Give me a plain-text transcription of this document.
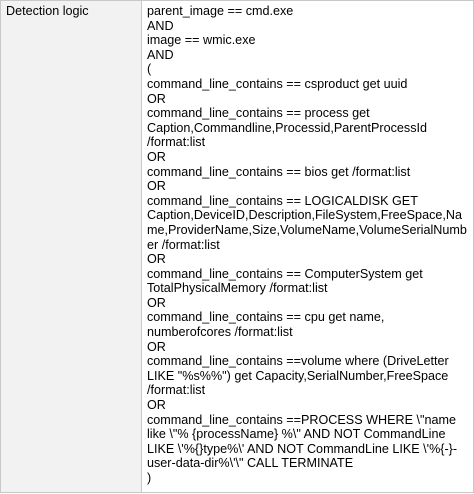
Detection logic	parent_image == cmd.exe
AND
image == wmic.exe
AND
(
command_line_contains == csproduct get uuid
OR
command_line_contains == process get Caption,Commandline,Processid,ParentProcessId /format:list
OR
command_line_contains == bios get /format:list
OR
command_line_contains == LOGICALDISK GET Caption,DeviceID,Description,FileSystem,FreeSpace,Name,ProviderName,Size,VolumeName,VolumeSerialNumber /format:list
OR
command_line_contains == ComputerSystem get TotalPhysicalMemory /format:list
OR
command_line_contains == cpu get name, numberofcores /format:list
OR
command_line_contains ==volume where (DriveLetter LIKE "%s%%") get Capacity,SerialNumber,FreeSpace /format:list
OR
command_line_contains ==PROCESS WHERE \"name like \"% {processName} %\" AND NOT CommandLine LIKE \'%{}type%\' AND NOT CommandLine LIKE \'%{-}-user-data-dir%\'\" CALL TERMINATE
)
